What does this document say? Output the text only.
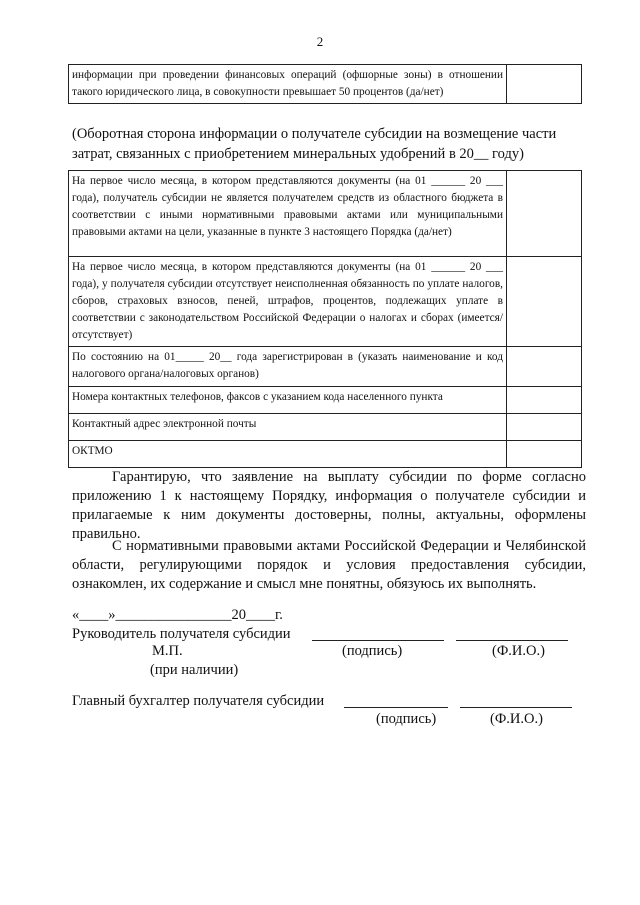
2
информации при проведении финансовых операций (офшорные зоны) в отношении такого юридического лица, в совокупности превышает 50 процентов (да/нет)	
(Оборотная сторона информации о получателе субсидии на возмещение части затрат, связанных с приобретением минеральных удобрений в 20__ году)
На первое число месяца, в котором представляются документы (на 01 ______ 20 ___ года), получатель субсидии не является получателем средств из областного бюджета в соответствии с иными нормативными правовыми актами или муниципальными правовыми актами на цели, указанные в пункте 3 настоящего Порядка (да/нет)	
На первое число месяца, в котором представляются документы (на 01 ______ 20 ___ года), у получателя субсидии отсутствует неисполненная обязанность по уплате налогов, сборов, страховых взносов, пеней, штрафов, процентов, подлежащих уплате в соответствии с законодательством Российской Федерации о налогах и сборах (имеется/отсутствует)	
По состоянию на 01_____ 20__ года зарегистрирован в (указать наименование и код налогового органа/налоговых органов)	
Номера контактных телефонов, факсов с указанием кода населенного пункта	
Контактный адрес электронной почты	
ОКТМО	

Гарантирую, что заявление на выплату субсидии по форме согласно приложению 1 к настоящему Порядку, информация о получателе субсидии и прилагаемые к ним документы достоверны, полны, актуальны, оформлены правильно.

С нормативными правовыми актами Российской Федерации и Челябинской области, регулирующими порядок и условия предоставления субсидии, ознакомлен, их содержание и смысл мне понятны, обязуюсь их выполнять.

«____»________________20____г.
Руководитель получателя субсидии
М.П.	(подпись)	(Ф.И.О.)
(при наличии)
Главный бухгалтер получателя субсидии
(подпись)	(Ф.И.О.)
